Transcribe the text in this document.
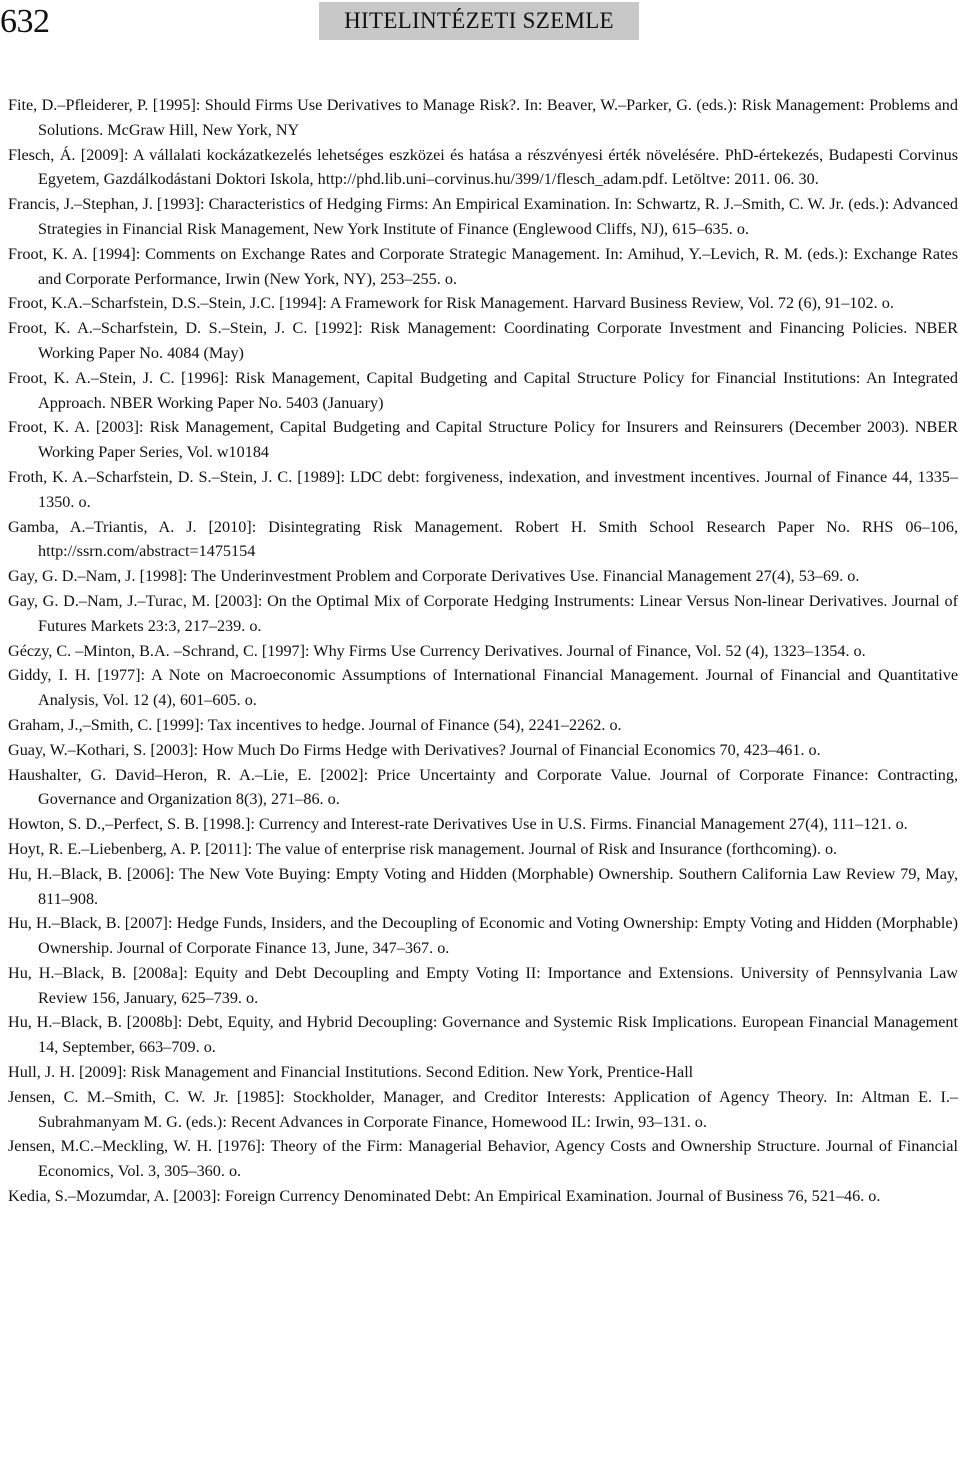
632	HITELINTÉZETI SZEMLE
Fite, D.–Pfleiderer, P. [1995]: Should Firms Use Derivatives to Manage Risk?. In: Beaver, W.–Parker, G. (eds.): Risk Management: Problems and Solutions. McGraw Hill, New York, NY
Flesch, Á. [2009]: A vállalati kockázatkezelés lehetséges eszközei és hatása a részvényesi érték növelésére. PhD-értekezés, Budapesti Corvinus Egyetem, Gazdálkodástani Doktori Iskola, http://phd.lib.uni–corvinus.hu/399/1/flesch_adam.pdf. Letöltve: 2011. 06. 30.
Francis, J.–Stephan, J. [1993]: Characteristics of Hedging Firms: An Empirical Examination. In: Schwartz, R. J.–Smith, C. W. Jr. (eds.): Advanced Strategies in Financial Risk Management, New York Institute of Finance (Englewood Cliffs, NJ), 615–635. o.
Froot, K. A. [1994]: Comments on Exchange Rates and Corporate Strategic Management. In: Amihud, Y.–Levich, R. M. (eds.): Exchange Rates and Corporate Performance, Irwin (New York, NY), 253–255. o.
Froot, K.A.–Scharfstein, D.S.–Stein, J.C. [1994]: A Framework for Risk Management. Harvard Business Review, Vol. 72 (6), 91–102. o.
Froot, K. A.–Scharfstein, D. S.–Stein, J. C. [1992]: Risk Management: Coordinating Corporate Investment and Financing Policies. NBER Working Paper No. 4084 (May)
Froot, K. A.–Stein, J. C. [1996]: Risk Management, Capital Budgeting and Capital Structure Policy for Financial Institutions: An Integrated Approach. NBER Working Paper No. 5403 (January)
Froot, K. A. [2003]: Risk Management, Capital Budgeting and Capital Structure Policy for Insurers and Reinsurers (December 2003). NBER Working Paper Series, Vol. w10184
Froth, K. A.–Scharfstein, D. S.–Stein, J. C. [1989]: LDC debt: forgiveness, indexation, and investment incentives. Journal of Finance 44, 1335–1350. o.
Gamba, A.–Triantis, A. J. [2010]: Disintegrating Risk Management. Robert H. Smith School Research Paper No. RHS 06–106, http://ssrn.com/abstract=1475154
Gay, G. D.–Nam, J. [1998]: The Underinvestment Problem and Corporate Derivatives Use. Financial Management 27(4), 53–69. o.
Gay, G. D.–Nam, J.–Turac, M. [2003]: On the Optimal Mix of Corporate Hedging Instruments: Linear Versus Non-linear Derivatives. Journal of Futures Markets 23:3, 217–239. o.
Géczy, C. –Minton, B.A. –Schrand, C. [1997]: Why Firms Use Currency Derivatives. Journal of Finance, Vol. 52 (4), 1323–1354. o.
Giddy, I. H. [1977]: A Note on Macroeconomic Assumptions of International Financial Management. Journal of Financial and Quantitative Analysis, Vol. 12 (4), 601–605. o.
Graham, J.,–Smith, C. [1999]: Tax incentives to hedge. Journal of Finance (54), 2241–2262. o.
Guay, W.–Kothari, S. [2003]: How Much Do Firms Hedge with Derivatives? Journal of Financial Economics 70, 423–461. o.
Haushalter, G. David–Heron, R. A.–Lie, E. [2002]: Price Uncertainty and Corporate Value. Journal of Corporate Finance: Contracting, Governance and Organization 8(3), 271–86. o.
Howton, S. D.,–Perfect, S. B. [1998.]: Currency and Interest-rate Derivatives Use in U.S. Firms. Financial Management 27(4), 111–121. o.
Hoyt, R. E.–Liebenberg, A. P. [2011]: The value of enterprise risk management. Journal of Risk and Insurance (forthcoming). o.
Hu, H.–Black, B. [2006]: The New Vote Buying: Empty Voting and Hidden (Morphable) Ownership. Southern California Law Review 79, May, 811–908.
Hu, H.–Black, B. [2007]: Hedge Funds, Insiders, and the Decoupling of Economic and Voting Ownership: Empty Voting and Hidden (Morphable) Ownership. Journal of Corporate Finance 13, June, 347–367. o.
Hu, H.–Black, B. [2008a]: Equity and Debt Decoupling and Empty Voting II: Importance and Extensions. University of Pennsylvania Law Review 156, January, 625–739. o.
Hu, H.–Black, B. [2008b]: Debt, Equity, and Hybrid Decoupling: Governance and Systemic Risk Implications. European Financial Management 14, September, 663–709. o.
Hull, J. H. [2009]: Risk Management and Financial Institutions. Second Edition. New York, Prentice-Hall
Jensen, C. M.–Smith, C. W. Jr. [1985]: Stockholder, Manager, and Creditor Interests: Application of Agency Theory. In: Altman E. I.–Subrahmanyam M. G. (eds.): Recent Advances in Corporate Finance, Homewood IL: Irwin, 93–131. o.
Jensen, M.C.–Meckling, W. H. [1976]: Theory of the Firm: Managerial Behavior, Agency Costs and Ownership Structure. Journal of Financial Economics, Vol. 3, 305–360. o.
Kedia, S.–Mozumdar, A. [2003]: Foreign Currency Denominated Debt: An Empirical Examination. Journal of Business 76, 521–46. o.
